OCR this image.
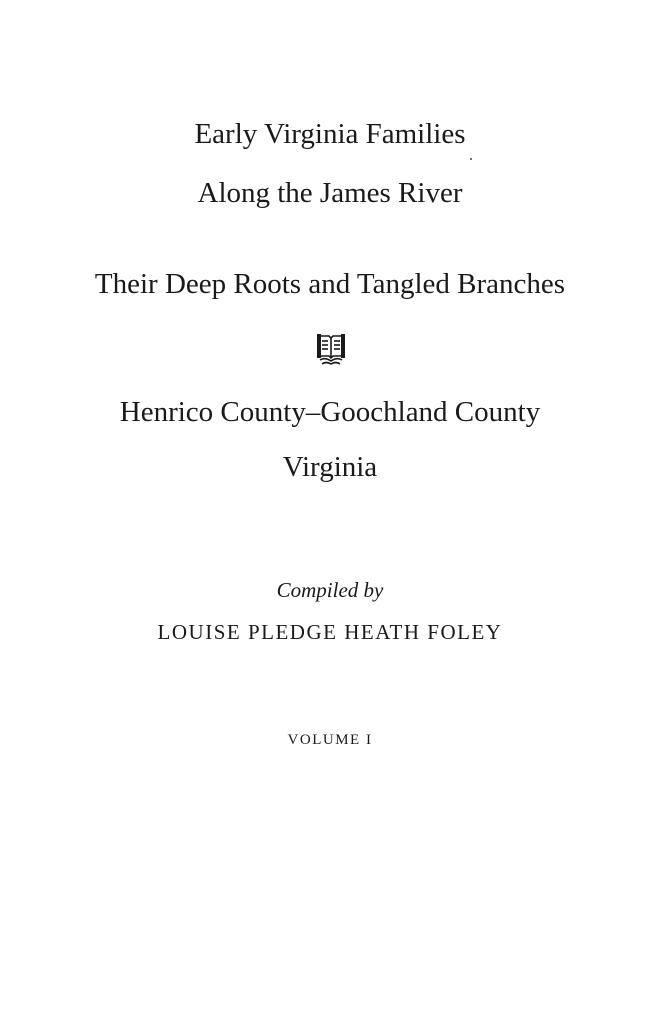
Early Virginia Families
Along the James River
Their Deep Roots and Tangled Branches
Henrico County–Goochland County
Virginia
Compiled by
LOUISE PLEDGE HEATH FOLEY
VOLUME I
